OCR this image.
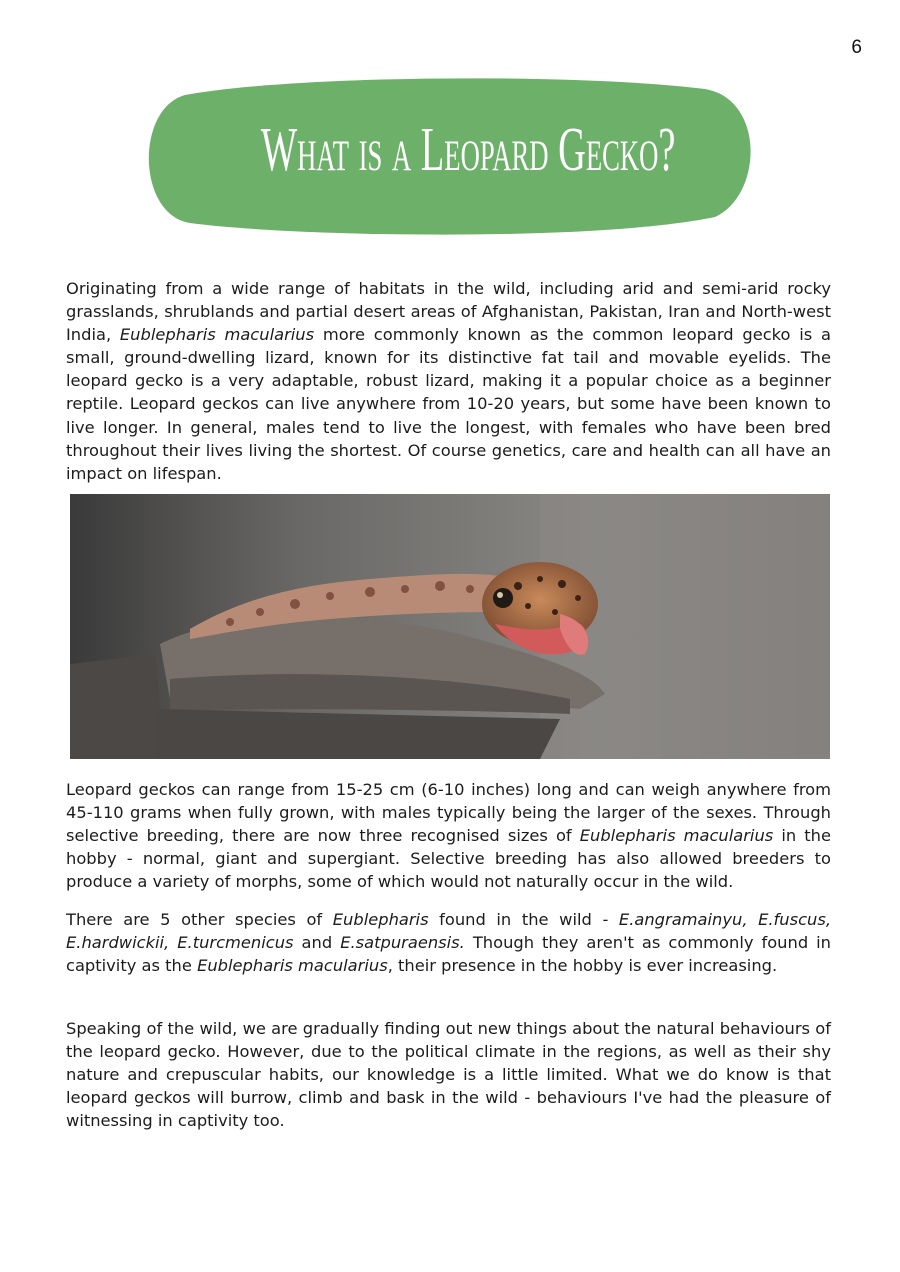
6
What is a Leopard Gecko?

Originating from a wide range of habitats in the wild, including arid and semi-arid rocky grasslands, shrublands and partial desert areas of Afghanistan, Pakistan, Iran and North-west India, Eublepharis macularius more commonly known as the common leopard gecko is a small, ground-dwelling lizard, known for its distinctive fat tail and movable eyelids. The leopard gecko is a very adaptable, robust lizard, making it a popular choice as a beginner reptile. Leopard geckos can live anywhere from 10-20 years, but some have been known to live longer. In general, males tend to live the longest, with females who have been bred throughout their lives living the shortest. Of course genetics, care and health can all have an impact on lifespan.

Leopard geckos can range from 15-25 cm (6-10 inches) long and can weigh anywhere from 45-110 grams when fully grown, with males typically being the larger of the sexes. Through selective breeding, there are now three recognised sizes of Eublepharis macularius in the hobby - normal, giant and supergiant. Selective breeding has also allowed breeders to produce a variety of morphs, some of which would not naturally occur in the wild.

There are 5 other species of Eublepharis found in the wild - E.angramainyu, E.fuscus, E.hardwickii, E.turcmenicus and E.satpuraensis. Though they aren't as commonly found in captivity as the Eublepharis macularius, their presence in the hobby is ever increasing.

Speaking of the wild, we are gradually finding out new things about the natural behaviours of the leopard gecko. However, due to the political climate in the regions, as well as their shy nature and crepuscular habits, our knowledge is a little limited. What we do know is that leopard geckos will burrow, climb and bask in the wild - behaviours I've had the pleasure of witnessing in captivity too.
